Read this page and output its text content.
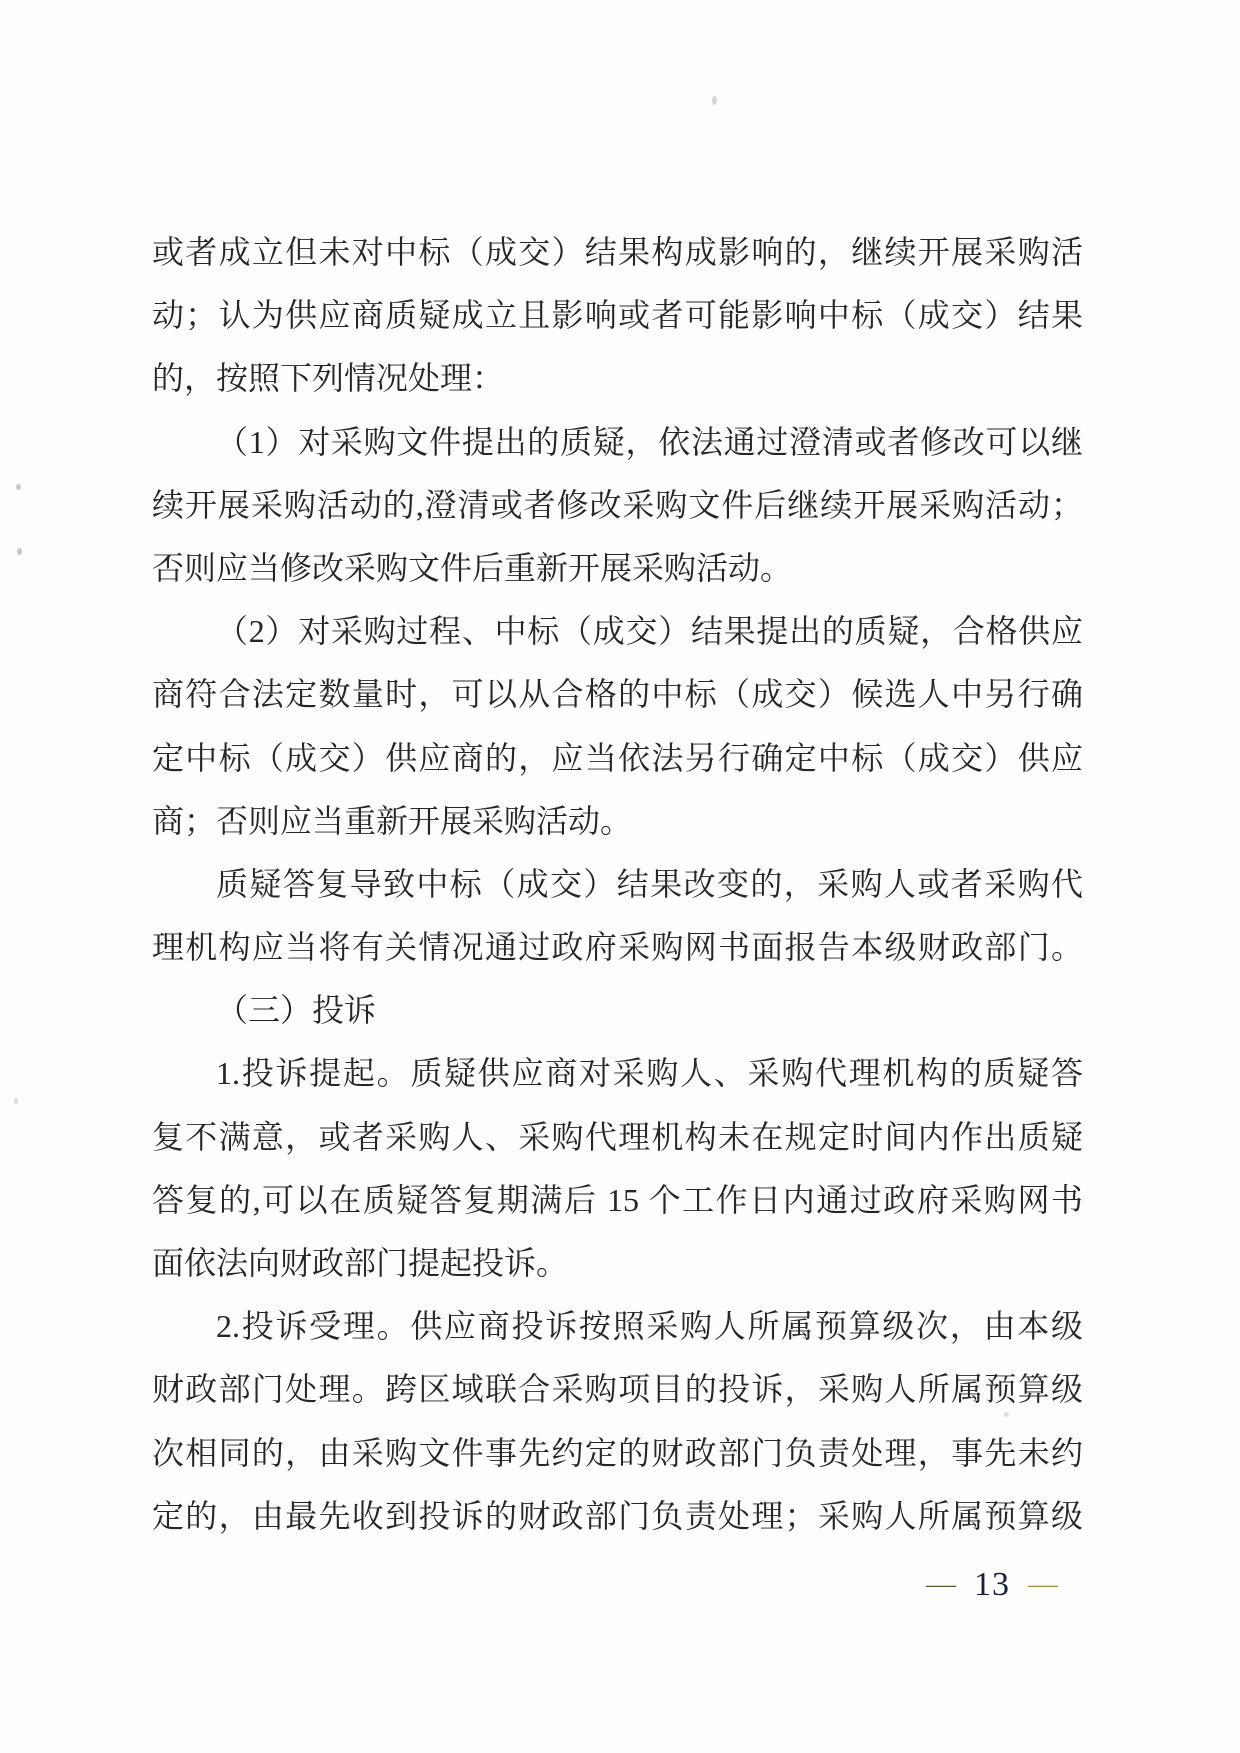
或者成立但未对中标（成交）结果构成影响的，继续开展采购活
动；认为供应商质疑成立且影响或者可能影响中标（成交）结果
的，按照下列情况处理：
（1）对采购文件提出的质疑，依法通过澄清或者修改可以继
续开展采购活动的,澄清或者修改采购文件后继续开展采购活动；
否则应当修改采购文件后重新开展采购活动。
（2）对采购过程、中标（成交）结果提出的质疑，合格供应
商符合法定数量时，可以从合格的中标（成交）候选人中另行确
定中标（成交）供应商的，应当依法另行确定中标（成交）供应
商；否则应当重新开展采购活动。
质疑答复导致中标（成交）结果改变的，采购人或者采购代
理机构应当将有关情况通过政府采购网书面报告本级财政部门。
（三）投诉
1.投诉提起。质疑供应商对采购人、采购代理机构的质疑答
复不满意，或者采购人、采购代理机构未在规定时间内作出质疑
答复的,可以在质疑答复期满后 15 个工作日内通过政府采购网书
面依法向财政部门提起投诉。
2.投诉受理。供应商投诉按照采购人所属预算级次，由本级
财政部门处理。跨区域联合采购项目的投诉，采购人所属预算级
次相同的，由采购文件事先约定的财政部门负责处理，事先未约
定的，由最先收到投诉的财政部门负责处理；采购人所属预算级
— 13 —
